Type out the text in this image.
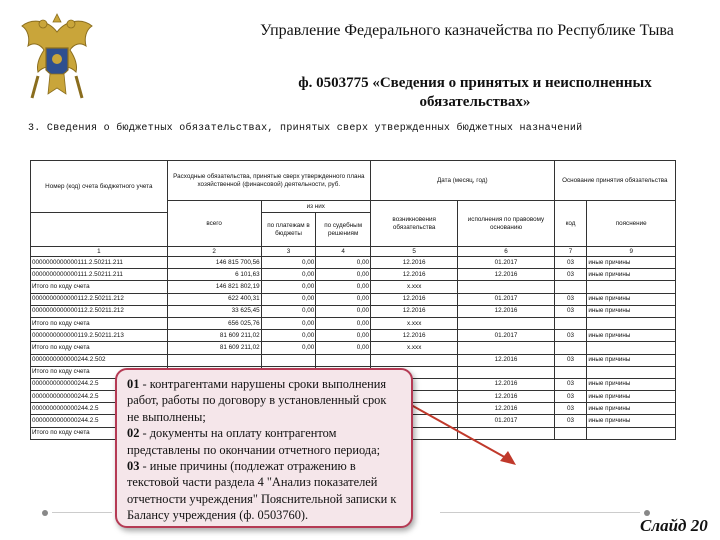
Управление Федерального казначейства по Республике Тыва
ф. 0503775 «Сведения о принятых и неисполненных
обязательствах»
3. Сведения о бюджетных обязательствах, принятых сверх утвержденных бюджетных назначений
Номер (код) счета бюджетного учета	Расходные обязательства, принятые сверх утвержденного плана хозяйственной (финансовой) деятельности, руб.			Дата (месяц, год)		Основание принятия обязательства	
	всего	из них		возникновения обязательства	исполнения по правовому основанию	код	пояснение
		по платежам в бюджеты	по судебным решениям				
1	2	3	4	5	6	7	9
0000000000000111.2.50211.211	146 815 700,56	0,00	0,00	12.2016	01.2017	03	иные причины
0000000000000111.2.50211.211	6 101,63	0,00	0,00	12.2016	12.2016	03	иные причины
Итого по коду счета	146 821 802,19	0,00	0,00	x.xxx			
0000000000000112.2.50211.212	622 400,31	0,00	0,00	12.2016	01.2017	03	иные причины
0000000000000112.2.50211.212	33 625,45	0,00	0,00	12.2016	12.2016	03	иные причины
Итого по коду счета	656 025,76	0,00	0,00	x.xxx			
0000000000000119.2.50211.213	81 609 211,02	0,00	0,00	12.2016	01.2017	03	иные причины
Итого по коду счета	81 609 211,02	0,00	0,00	x.xxx			
0000000000000244.2.502					12.2016	03	иные причины
Итого по коду счета							
0000000000000244.2.5					12.2016	03	иные причины
0000000000000244.2.5					12.2016	03	иные причины
0000000000000244.2.5					12.2016	03	иные причины
0000000000000244.2.5					01.2017	03	иные причины
Итого по коду счета							
01 - контрагентами нарушены сроки выполнения
работ, работы по договору в установленный срок
не выполнены;
02 - документы на оплату контрагентом
представлены по окончании отчетного периода;
03 - иные причины (подлежат отражению в
текстовой части раздела 4 "Анализ показателей
отчетности учреждения" Пояснительной записки к
Балансу учреждения (ф. 0503760).
Слайд 20
